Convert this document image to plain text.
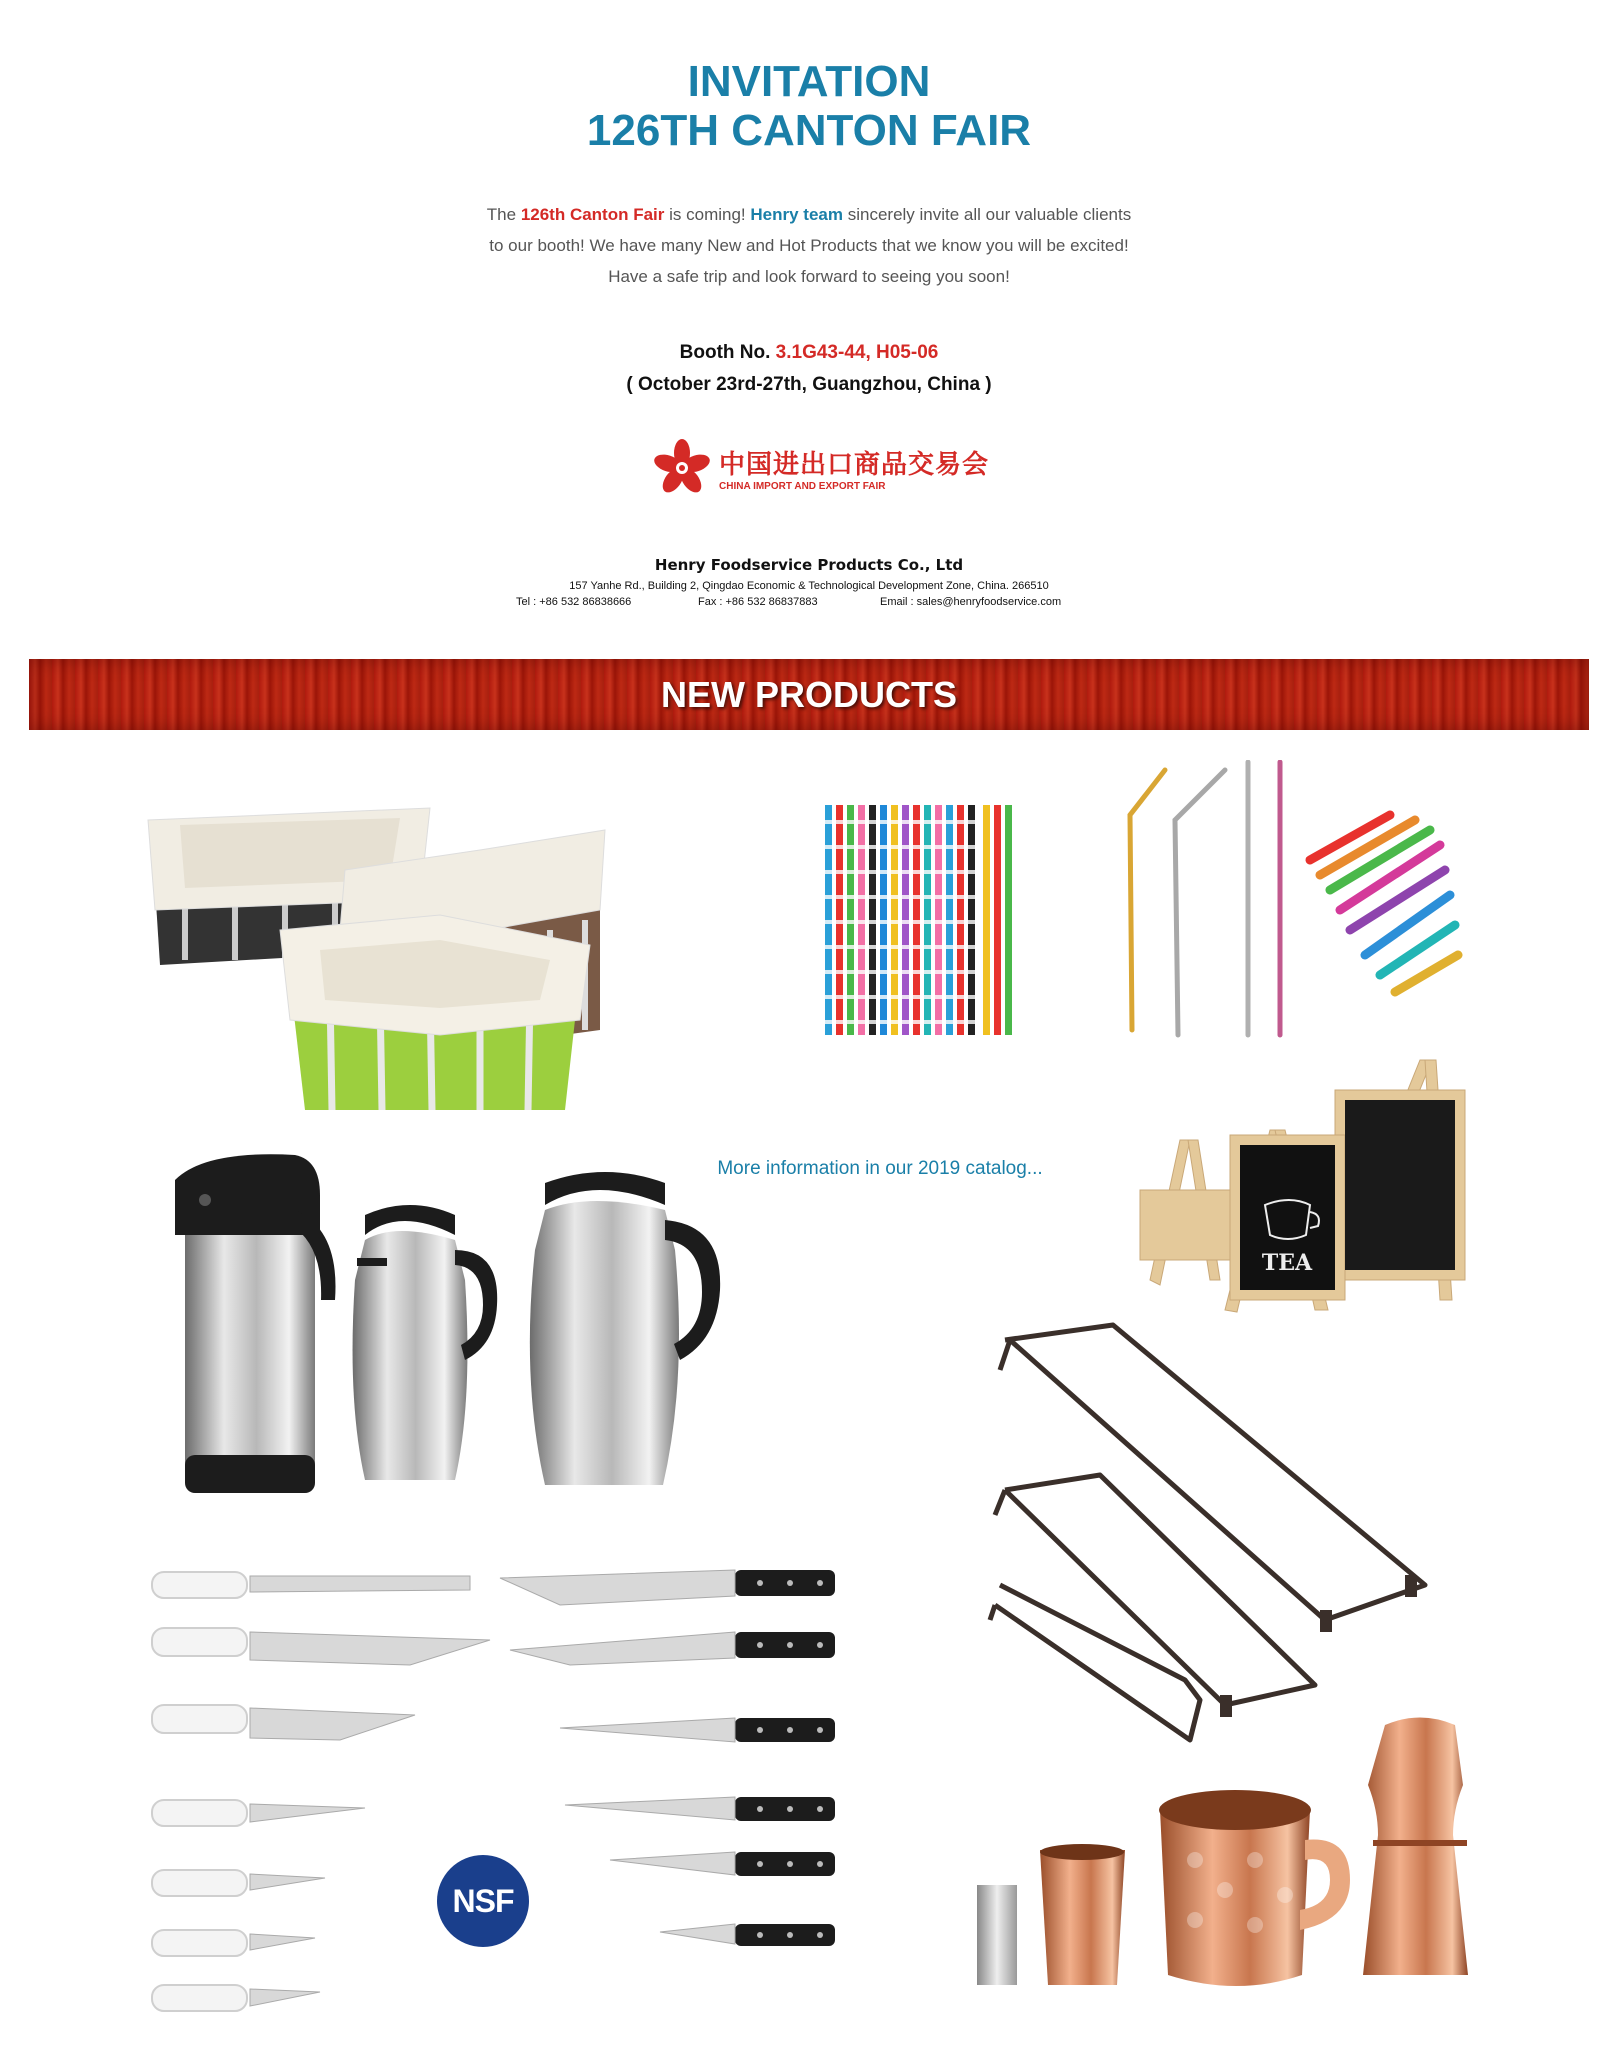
INVITATION
126TH CANTON FAIR
The 126th Canton Fair is coming! Henry team sincerely invite all our valuable clients
to our booth! We have many New and Hot Products that we know you will be excited!
Have a safe trip and look forward to seeing you soon!
Booth No. 3.1G43-44, H05-06
( October 23rd-27th, Guangzhou, China )
中国进出口商品交易会
CHINA IMPORT AND EXPORT FAIR
Henry Foodservice Products Co., Ltd
157 Yanhe Rd., Building 2, Qingdao Economic & Technological Development Zone, China. 266510
Tel : +86 532 86838666	Fax : +86 532 86837883	Email : sales@henryfoodservice.com
NEW PRODUCTS
TEA
More information in our 2019 catalog...
NSF
